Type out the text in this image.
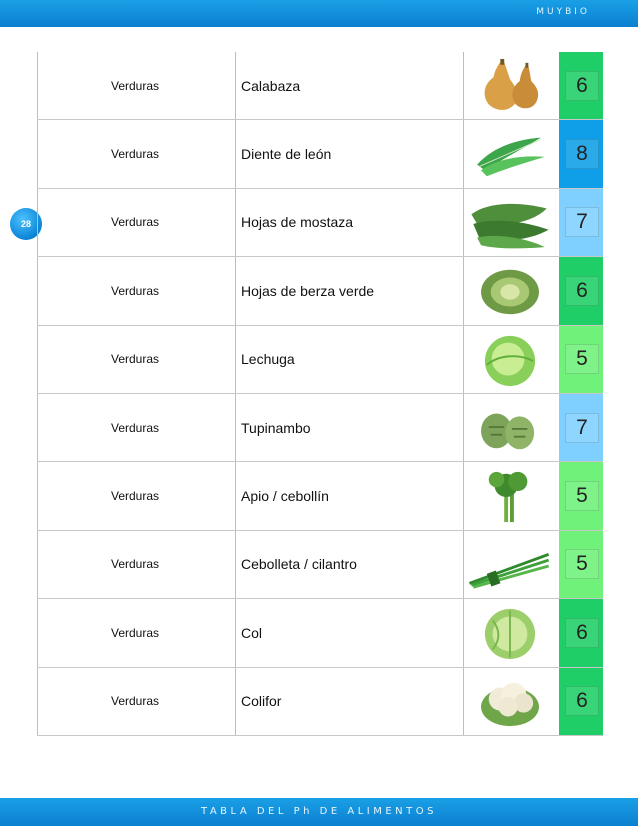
MUYBIO
28
Verduras	Calabaza	6
Verduras	Diente de león	8
Verduras	Hojas de mostaza	7
Verduras	Hojas de berza verde	6
Verduras	Lechuga	5
Verduras	Tupinambo	7
Verduras	Apio / cebollín	5
Verduras	Cebolleta / cilantro	5
Verduras	Col	6
Verduras	Colifor	6
TABLA DEL Ph DE ALIMENTOS
